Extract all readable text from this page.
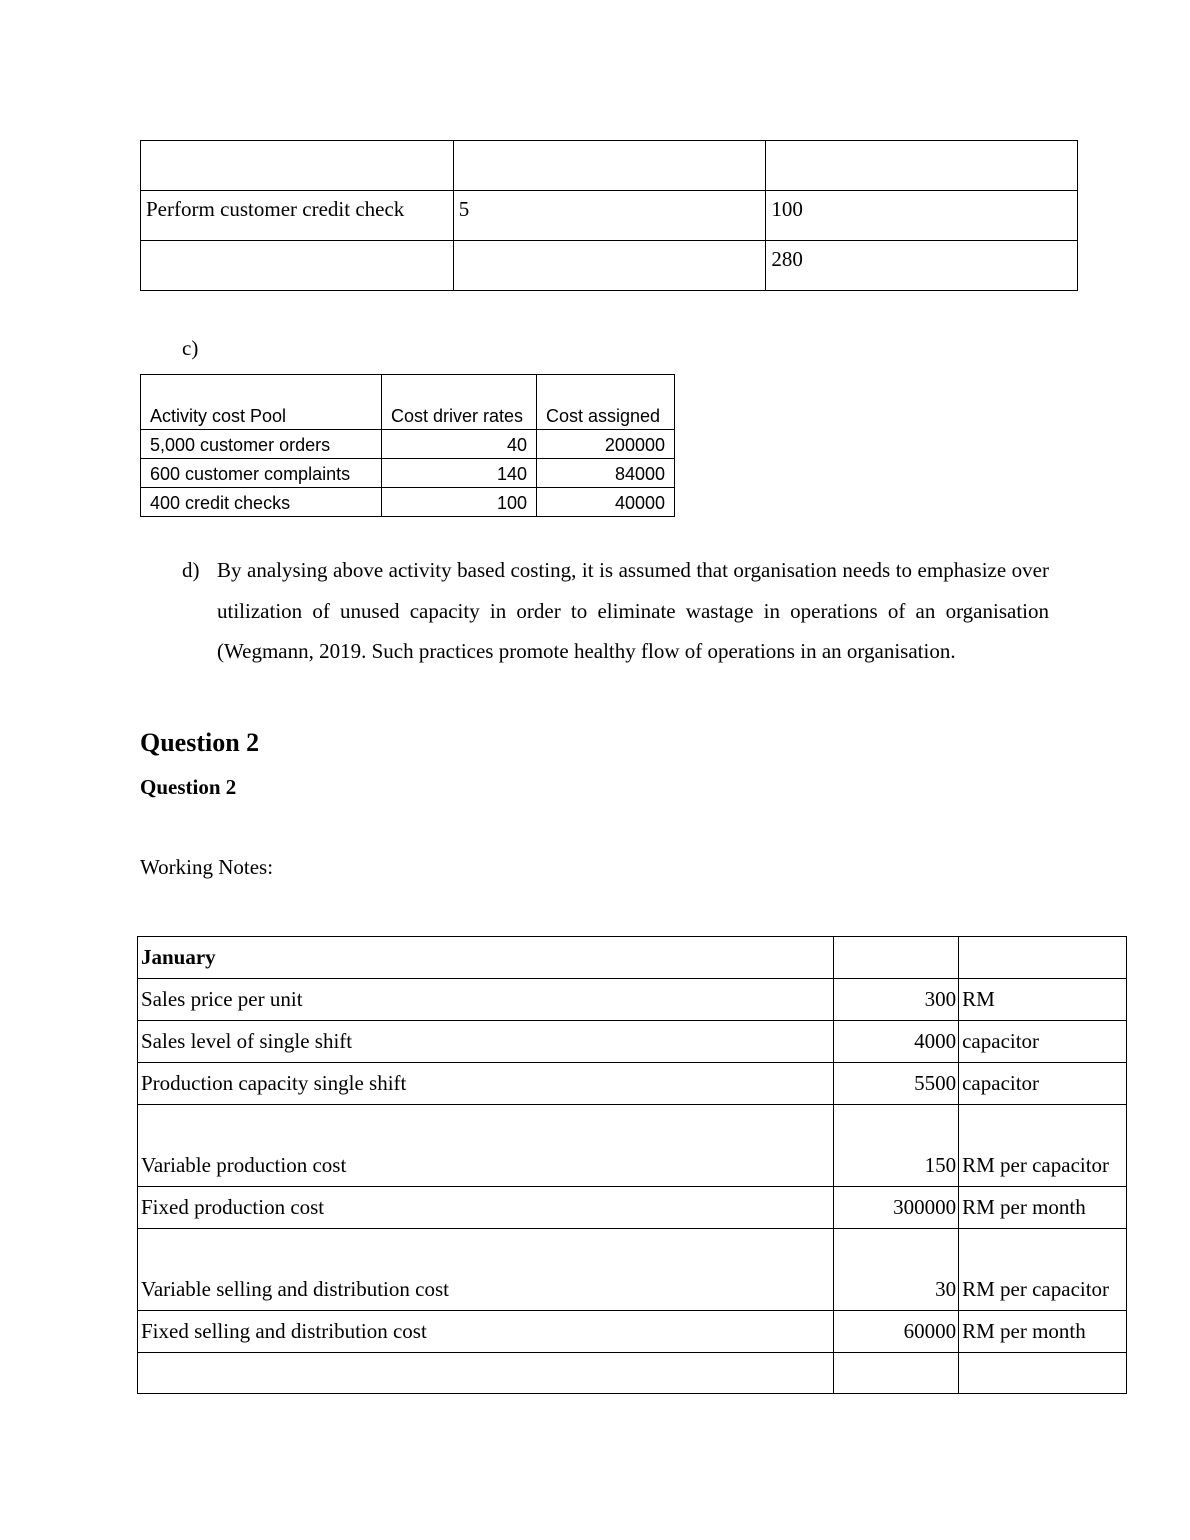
Perform customer credit check	5	100
		280
c)
Activity cost Pool	Cost driver rates	Cost assigned
5,000 customer orders	40	200000
600 customer complaints	140	84000
400 credit checks	100	40000
d) By analysing above activity based costing, it is assumed that organisation needs to emphasize over utilization of unused capacity in order to eliminate wastage in operations of an organisation (Wegmann, 2019. Such practices promote healthy flow of operations in an organisation.
Question 2
Question 2
Working Notes:
January		
Sales price per unit	300	RM
Sales level of single shift	4000	capacitor
Production capacity single shift	5500	capacitor
Variable production cost	150	RM per capacitor
Fixed production cost	300000	RM per month
Variable selling and distribution cost	30	RM per capacitor
Fixed selling and distribution cost	60000	RM per month
